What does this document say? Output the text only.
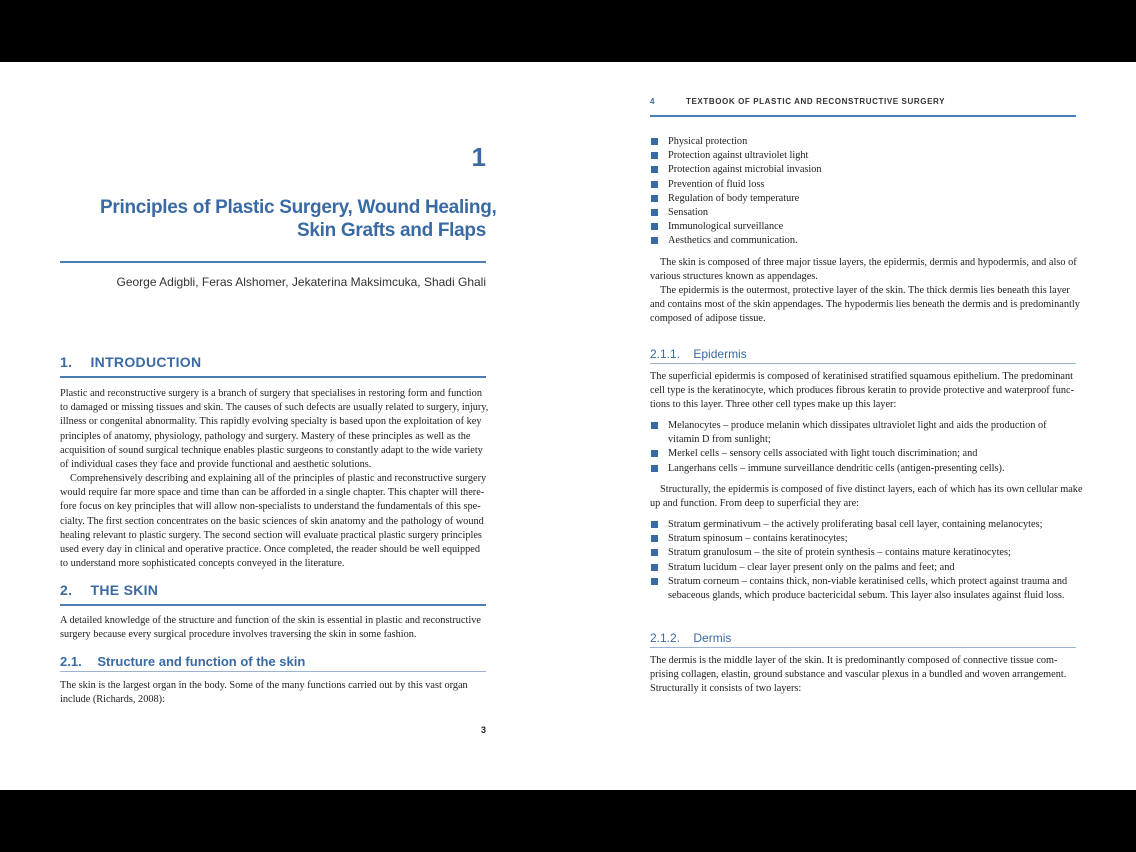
1
Principles of Plastic Surgery, Wound Healing,
Skin Grafts and Flaps
George Adigbli, Feras Alshomer, Jekaterina Maksimcuka, Shadi Ghali
1. INTRODUCTION
Plastic and reconstructive surgery is a branch of surgery that specialises in restoring form and function
to damaged or missing tissues and skin. The causes of such defects are usually related to surgery, injury,
illness or congenital abnormality. This rapidly evolving specialty is based upon the exploitation of key
principles of anatomy, physiology, pathology and surgery. Mastery of these principles as well as the
acquisition of sound surgical technique enables plastic surgeons to constantly adapt to the wide variety
of individual cases they face and provide functional and aesthetic solutions.
Comprehensively describing and explaining all of the principles of plastic and reconstructive surgery
would require far more space and time than can be afforded in a single chapter. This chapter will there-
fore focus on key principles that will allow non-specialists to understand the fundamentals of this spe-
cialty. The first section concentrates on the basic sciences of skin anatomy and the pathology of wound
healing relevant to plastic surgery. The second section will evaluate practical plastic surgery principles
used every day in clinical and operative practice. Once completed, the reader should be well equipped
to understand more sophisticated concepts conveyed in the literature.
2. THE SKIN
A detailed knowledge of the structure and function of the skin is essential in plastic and reconstructive
surgery because every surgical procedure involves traversing the skin in some fashion.
2.1. Structure and function of the skin
The skin is the largest organ in the body. Some of the many functions carried out by this vast organ
include (Richards, 2008):
3
4	TEXTBOOK OF PLASTIC AND RECONSTRUCTIVE SURGERY
Physical protection
Protection against ultraviolet light
Protection against microbial invasion
Prevention of fluid loss
Regulation of body temperature
Sensation
Immunological surveillance
Aesthetics and communication.
The skin is composed of three major tissue layers, the epidermis, dermis and hypodermis, and also of
various structures known as appendages.
The epidermis is the outermost, protective layer of the skin. The thick dermis lies beneath this layer
and contains most of the skin appendages. The hypodermis lies beneath the dermis and is predominantly
composed of adipose tissue.
2.1.1. Epidermis
The superficial epidermis is composed of keratinised stratified squamous epithelium. The predominant
cell type is the keratinocyte, which produces fibrous keratin to provide protective and waterproof func-
tions to this layer. Three other cell types make up this layer:
Melanocytes – produce melanin which dissipates ultraviolet light and aids the production of
vitamin D from sunlight;
Merkel cells – sensory cells associated with light touch discrimination; and
Langerhans cells – immune surveillance dendritic cells (antigen-presenting cells).
Structurally, the epidermis is composed of five distinct layers, each of which has its own cellular make
up and function. From deep to superficial they are:
Stratum germinativum – the actively proliferating basal cell layer, containing melanocytes;
Stratum spinosum – contains keratinocytes;
Stratum granulosum – the site of protein synthesis – contains mature keratinocytes;
Stratum lucidum – clear layer present only on the palms and feet; and
Stratum corneum – contains thick, non-viable keratinised cells, which protect against trauma and
sebaceous glands, which produce bactericidal sebum. This layer also insulates against fluid loss.
2.1.2. Dermis
The dermis is the middle layer of the skin. It is predominantly composed of connective tissue com-
prising collagen, elastin, ground substance and vascular plexus in a bundled and woven arrangement.
Structurally it consists of two layers:
